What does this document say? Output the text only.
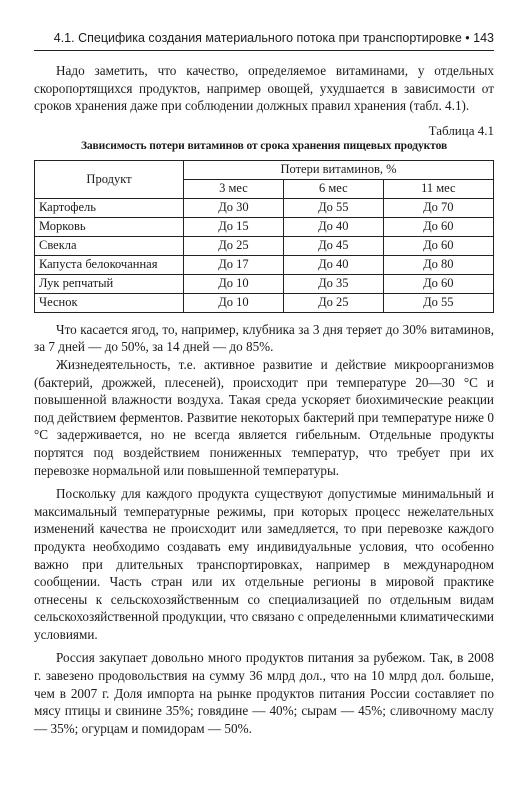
4.1. Специфика создания материального потока при транспортировке • 143

Надо заметить, что качество, определяемое витаминами, у отдельных скоропортящихся продуктов, например овощей, ухудшается в зависимости от сроков хранения даже при соблюдении должных правил хранения (табл. 4.1).

Таблица 4.1
Зависимость потери витаминов от срока хранения пищевых продуктов
Продукт	Потери витаминов, %		
	3 мес	6 мес	11 мес
Картофель	До 30	До 55	До 70
Морковь	До 15	До 40	До 60
Свекла	До 25	До 45	До 60
Капуста белокочанная	До 17	До 40	До 80
Лук репчатый	До 10	До 35	До 60
Чеснок	До 10	До 25	До 55

Что касается ягод, то, например, клубника за 3 дня теряет до 30% витаминов, за 7 дней — до 50%, за 14 дней — до 85%.

Жизнедеятельность, т.е. активное развитие и действие микроорганизмов (бактерий, дрожжей, плесеней), происходит при температуре 20—30 °С и повышенной влажности воздуха. Такая среда ускоряет биохимические реакции под действием ферментов. Развитие некоторых бактерий при температуре ниже 0 °С задерживается, но не всегда является гибельным. Отдельные продукты портятся под воздействием пониженных температур, что требует при их перевозке нормальной или повышенной температуры.

Поскольку для каждого продукта существуют допустимые минимальный и максимальный температурные режимы, при которых процесс нежелательных изменений качества не происходит или замедляется, то при перевозке каждого продукта необходимо создавать ему индивидуальные условия, что особенно важно при длительных транспортировках, например в международном сообщении. Часть стран или их отдельные регионы в мировой практике отнесены к сельскохозяйственным со специализацией по отдельным видам сельскохозяйственной продукции, что связано с определенными климатическими условиями.

Россия закупает довольно много продуктов питания за рубежом. Так, в 2008 г. завезено продовольствия на сумму 36 млрд дол., что на 10 млрд дол. больше, чем в 2007 г. Доля импорта на рынке продуктов питания России составляет по мясу птицы и свинине 35%; говядине — 40%; сырам — 45%; сливочному маслу — 35%; огурцам и помидорам — 50%.
